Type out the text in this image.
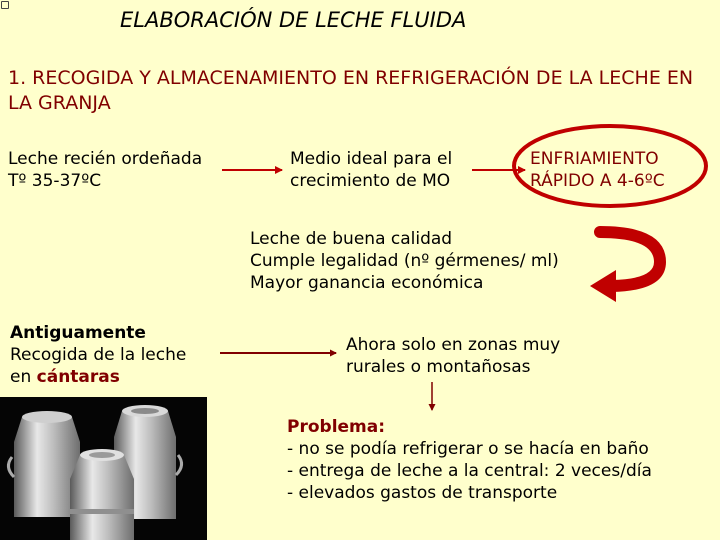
ELABORACIÓN DE LECHE FLUIDA
1. RECOGIDA Y ALMACENAMIENTO EN REFRIGERACIÓN DE LA LECHE EN LA GRANJA
Leche recién ordeñada
Tº 35-37ºC
Medio ideal para el
crecimiento de MO
ENFRIAMIENTO
RÁPIDO A 4-6ºC
Leche de buena calidad
Cumple legalidad (nº gérmenes/ ml)
Mayor ganancia económica
Antiguamente
Recogida de la leche
en cántaras
Ahora solo en zonas muy
rurales o montañosas
Problema:
- no se podía refrigerar o se hacía en baño
- entrega de leche a la central: 2 veces/día
- elevados gastos de transporte
